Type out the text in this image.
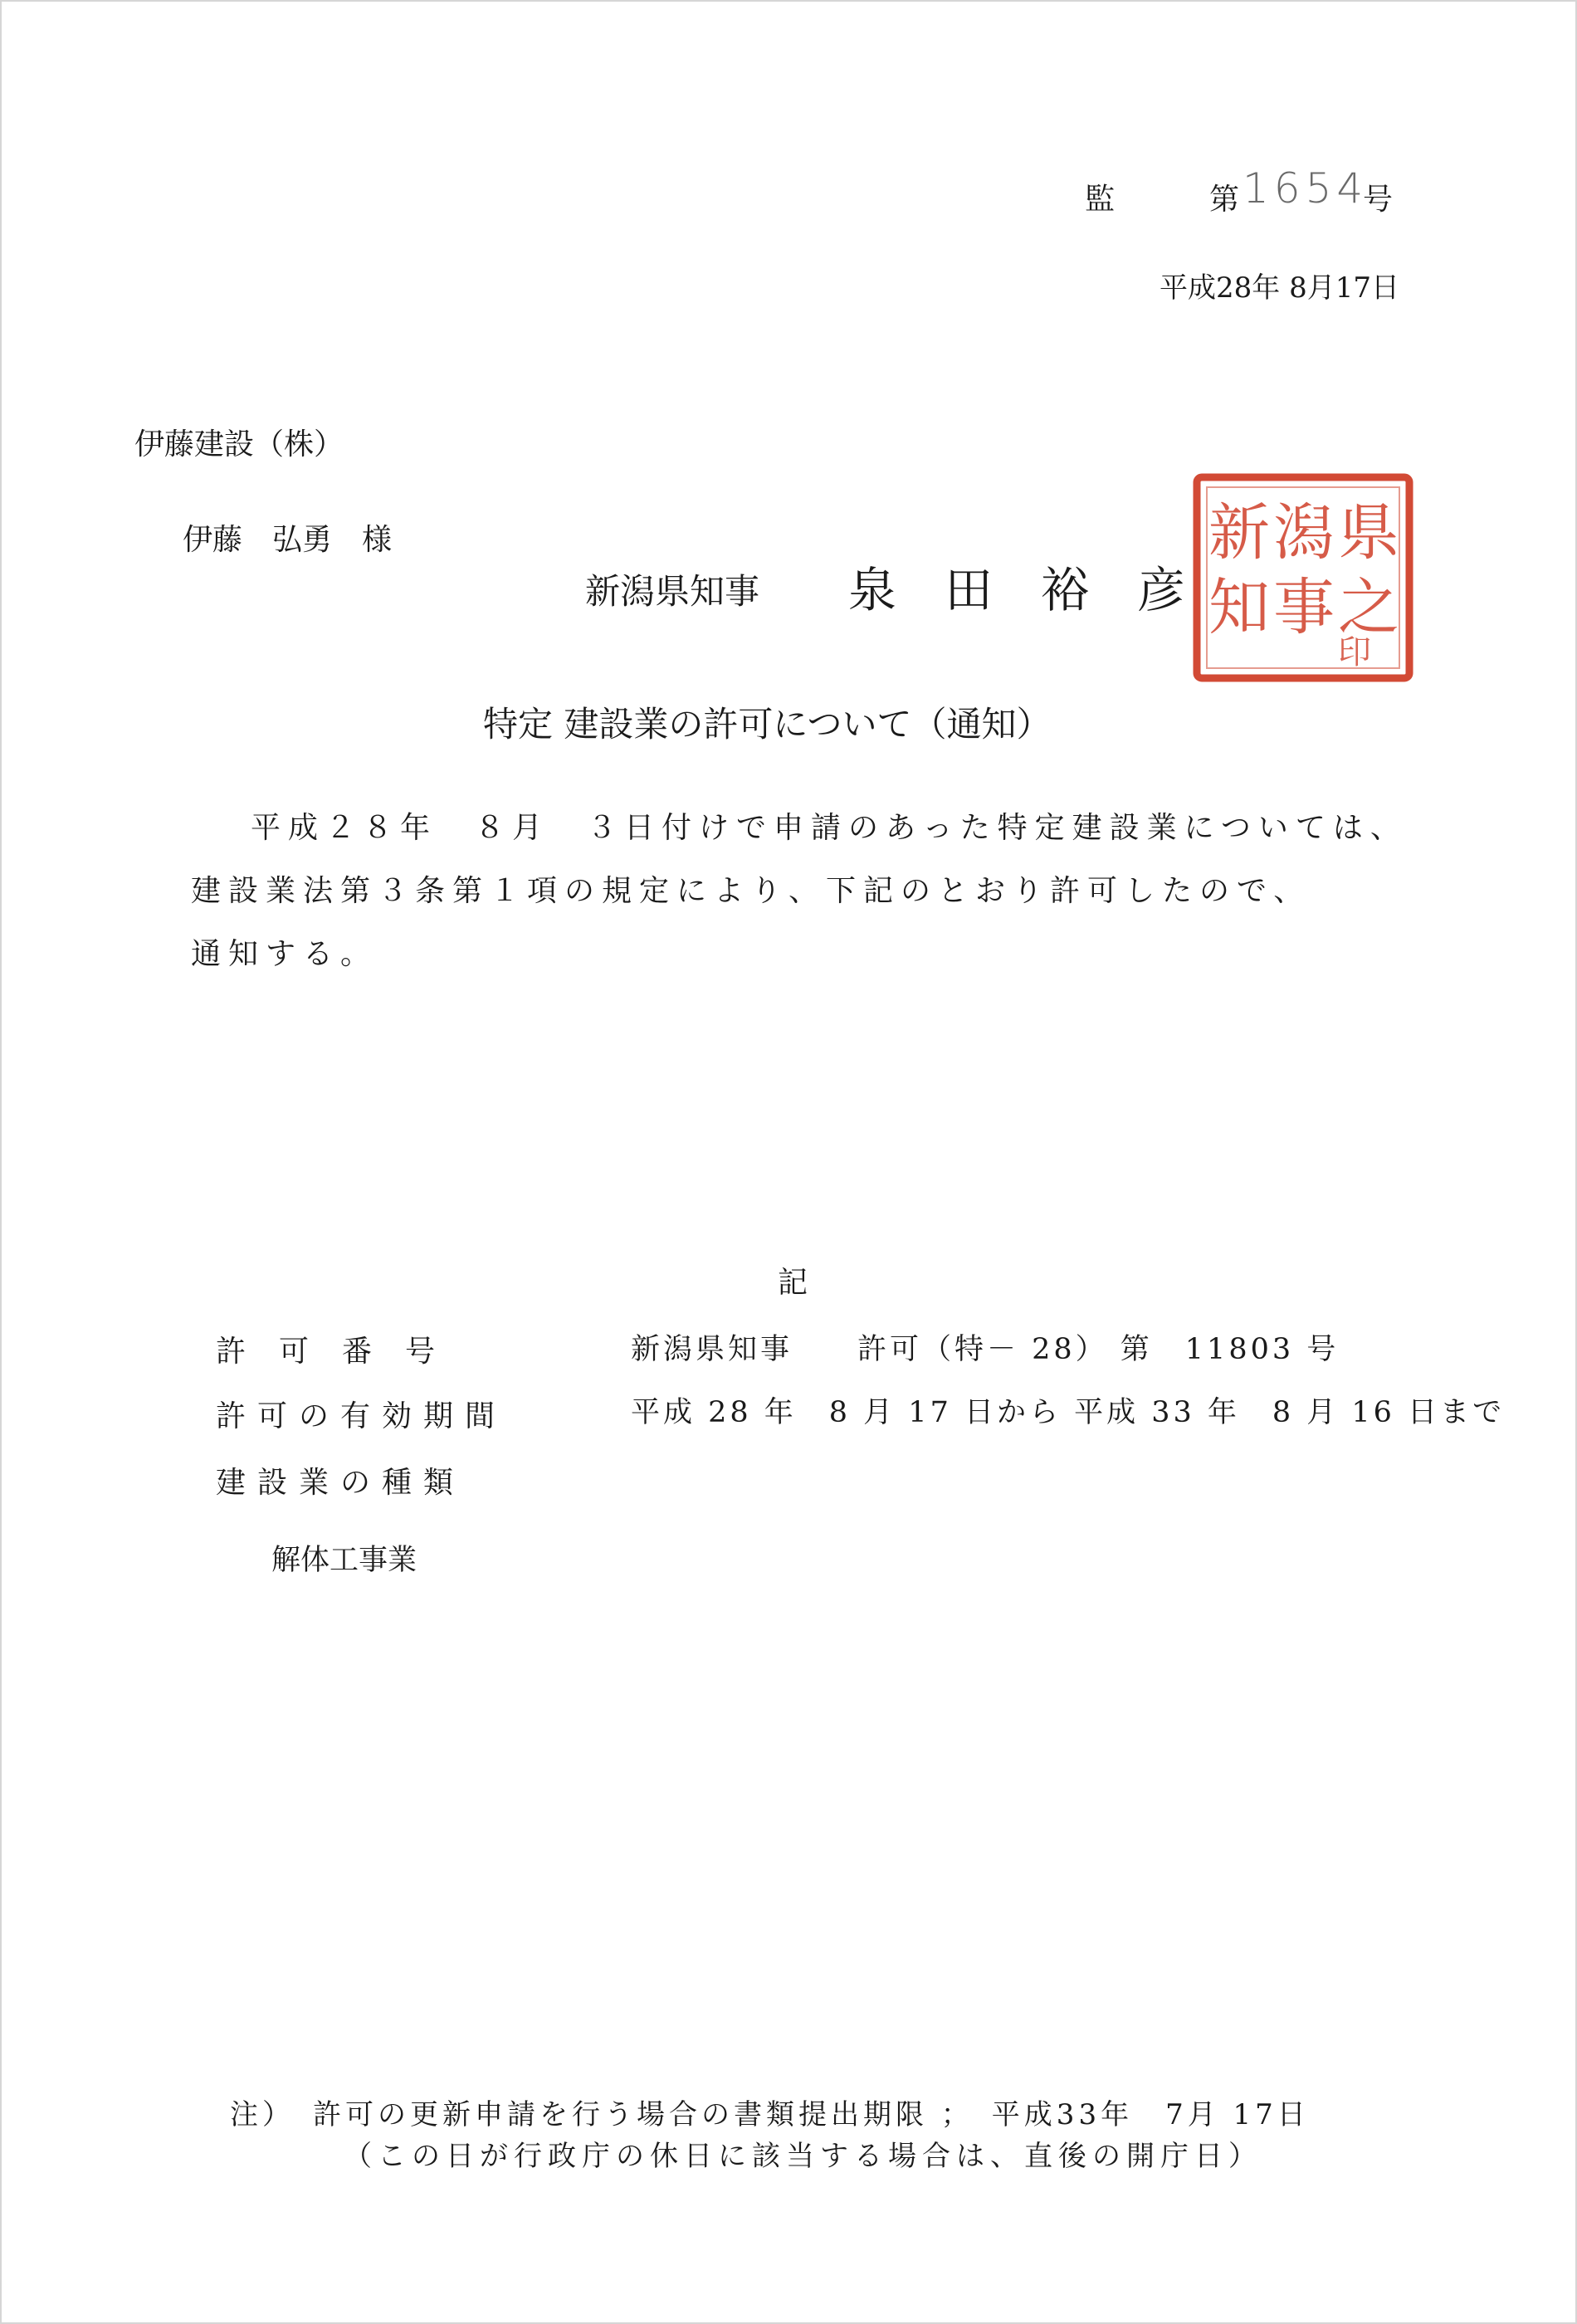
監	第 1654
号
平成28年 8月17日
伊藤建設（株）
伊藤　弘勇　様
新潟県知事 泉田裕彦
県
之
潟
事
新
知
印
特定 建設業の許可について（通知）
平成２８年　８月　３日付けで申請のあった特定建設業については、
建設業法第３条第１項の規定により、下記のとおり許可したので、
通知する。
記
許可番号	新潟県知事　　許可（特－ 28） 第　11803 号
許可の有効期間	平成 28 年　8 月 17 日から 平成 33 年　8 月 16 日まで
建設業の種類
解体工事業
注）　許可の更新申請を行う場合の書類提出期限 ；　平成33年　7月 17日
（この日が行政庁の休日に該当する場合は、直後の開庁日）
